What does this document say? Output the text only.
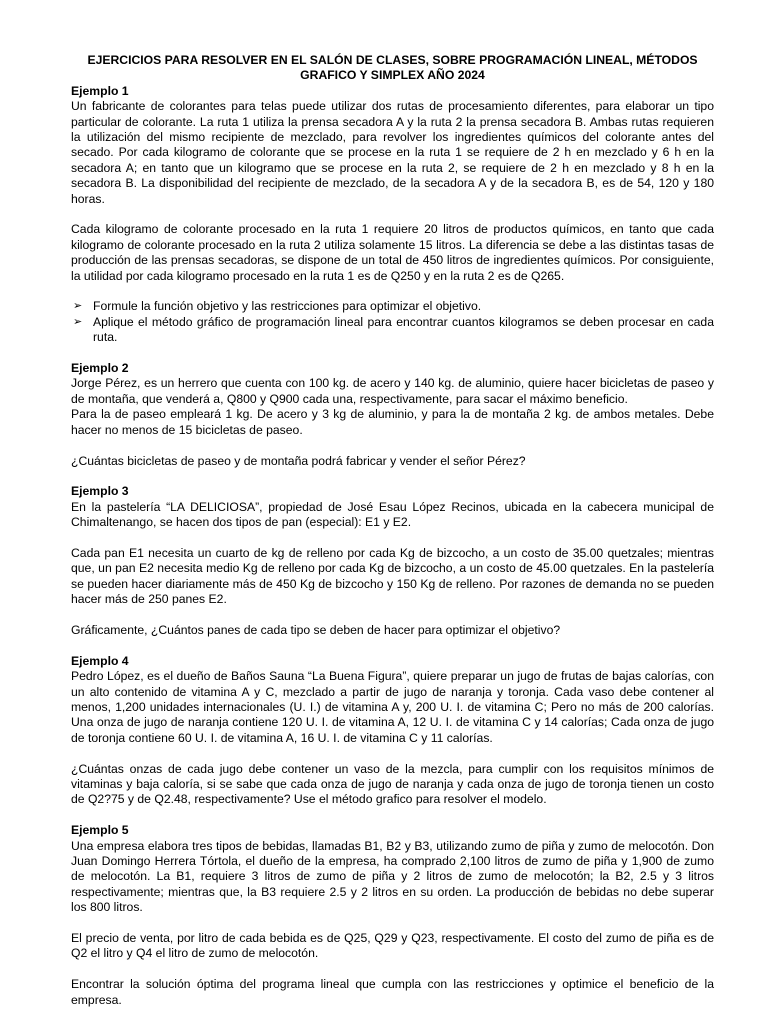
EJERCICIOS PARA RESOLVER EN EL SALÓN DE CLASES, SOBRE PROGRAMACIÓN LINEAL, MÉTODOS GRAFICO Y SIMPLEX AÑO 2024
Ejemplo 1
Un fabricante de colorantes para telas puede utilizar dos rutas de procesamiento diferentes, para elaborar un tipo particular de colorante. La ruta 1 utiliza la prensa secadora A y la ruta 2 la prensa secadora B. Ambas rutas requieren la utilización del mismo recipiente de mezclado, para revolver los ingredientes químicos del colorante antes del secado. Por cada kilogramo de colorante que se procese en la ruta 1 se requiere de 2 h en mezclado y 6 h en la secadora A; en tanto que un kilogramo que se procese en la ruta 2, se requiere de 2 h en mezclado y 8 h en la secadora B. La disponibilidad del recipiente de mezclado, de la secadora A y de la secadora B, es de 54, 120 y 180 horas.
Cada kilogramo de colorante procesado en la ruta 1 requiere 20 litros de productos químicos, en tanto que cada kilogramo de colorante procesado en la ruta 2 utiliza solamente 15 litros. La diferencia se debe a las distintas tasas de producción de las prensas secadoras, se dispone de un total de 450 litros de ingredientes químicos. Por consiguiente, la utilidad por cada kilogramo procesado en la ruta 1 es de Q250 y en la ruta 2 es de Q265.
➢ Formule la función objetivo y las restricciones para optimizar el objetivo.
➢ Aplique el método gráfico de programación lineal para encontrar cuantos kilogramos se deben procesar en cada ruta.
Ejemplo 2
Jorge Pérez, es un herrero que cuenta con 100 kg. de acero y 140 kg. de aluminio, quiere hacer bicicletas de paseo y de montaña, que venderá a, Q800 y Q900 cada una, respectivamente, para sacar el máximo beneficio.
Para la de paseo empleará 1 kg. De acero y 3 kg de aluminio, y para la de montaña 2 kg. de ambos metales. Debe hacer no menos de 15 bicicletas de paseo.
¿Cuántas bicicletas de paseo y de montaña podrá fabricar y vender el señor Pérez?
Ejemplo 3
En la pastelería “LA DELICIOSA”, propiedad de José Esau López Recinos, ubicada en la cabecera municipal de Chimaltenango, se hacen dos tipos de pan (especial): E1 y E2.
Cada pan E1 necesita un cuarto de kg de relleno por cada Kg de bizcocho, a un costo de 35.00 quetzales; mientras que, un pan E2 necesita medio Kg de relleno por cada Kg de bizcocho, a un costo de 45.00 quetzales. En la pastelería se pueden hacer diariamente más de 450 Kg de bizcocho y 150 Kg de relleno. Por razones de demanda no se pueden hacer más de 250 panes E2.
Gráficamente, ¿Cuántos panes de cada tipo se deben de hacer para optimizar el objetivo?
Ejemplo 4
Pedro López, es el dueño de Baños Sauna “La Buena Figura”, quiere preparar un jugo de frutas de bajas calorías, con un alto contenido de vitamina A y C, mezclado a partir de jugo de naranja y toronja. Cada vaso debe contener al menos, 1,200 unidades internacionales (U. I.) de vitamina A y, 200 U. I. de vitamina C; Pero no más de 200 calorías. Una onza de jugo de naranja contiene 120 U. I. de vitamina A, 12 U. I. de vitamina C y 14 calorías; Cada onza de jugo de toronja contiene 60 U. I. de vitamina A, 16 U. I. de vitamina C y 11 calorías.
¿Cuántas onzas de cada jugo debe contener un vaso de la mezcla, para cumplir con los requisitos mínimos de vitaminas y baja caloría, si se sabe que cada onza de jugo de naranja y cada onza de jugo de toronja tienen un costo de Q2?75 y de Q2.48, respectivamente? Use el método grafico para resolver el modelo.
Ejemplo 5
Una empresa elabora tres tipos de bebidas, llamadas B1, B2 y B3, utilizando zumo de piña y zumo de melocotón. Don Juan Domingo Herrera Tórtola, el dueño de la empresa, ha comprado 2,100 litros de zumo de piña y 1,900 de zumo de melocotón. La B1, requiere 3 litros de zumo de piña y 2 litros de zumo de melocotón; la B2, 2.5 y 3 litros respectivamente; mientras que, la B3 requiere 2.5 y 2 litros en su orden. La producción de bebidas no debe superar los 800 litros.
El precio de venta, por litro de cada bebida es de Q25, Q29 y Q23, respectivamente. El costo del zumo de piña es de Q2 el litro y Q4 el litro de zumo de melocotón.
Encontrar la solución óptima del programa lineal que cumpla con las restricciones y optimice el beneficio de la empresa.
